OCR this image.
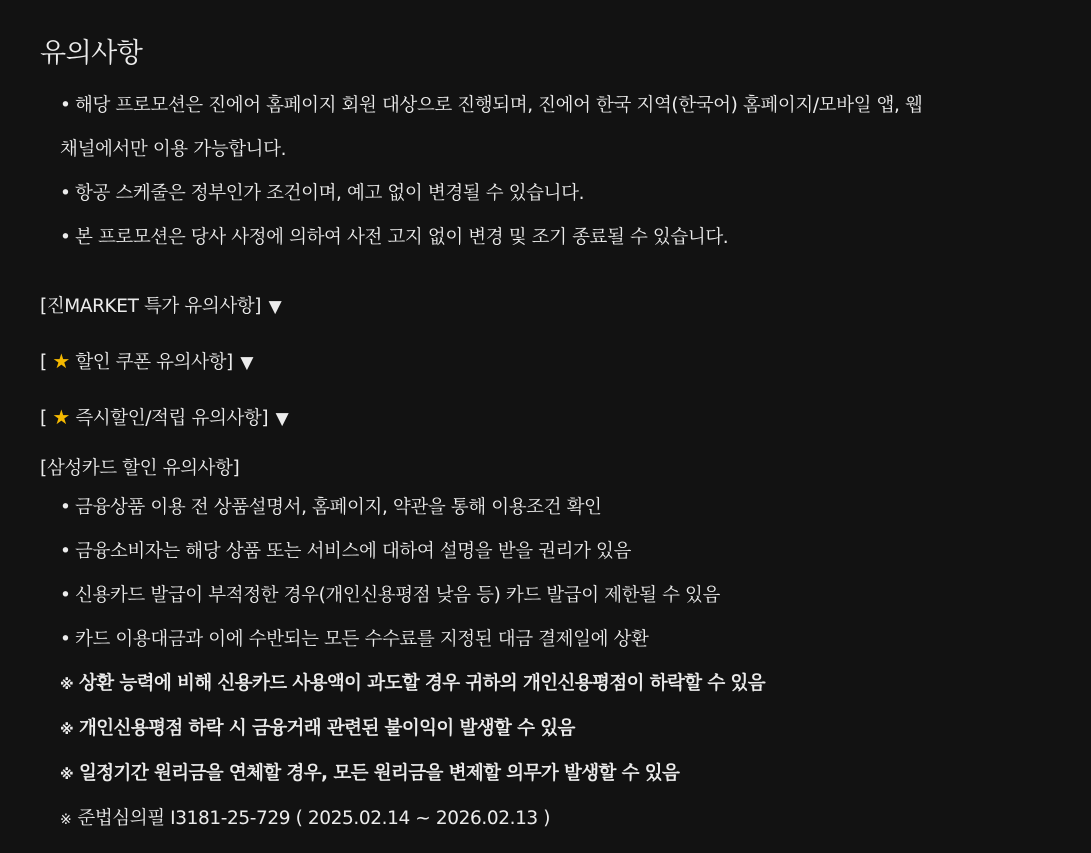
유의사항
• 해당 프로모션은 진에어 홈페이지 회원 대상으로 진행되며, 진에어 한국 지역(한국어) 홈페이지/모바일 앱, 웹
채널에서만 이용 가능합니다.
• 항공 스케줄은 정부인가 조건이며, 예고 없이 변경될 수 있습니다.
• 본 프로모션은 당사 사정에 의하여 사전 고지 없이 변경 및 조기 종료될 수 있습니다.
[진MARKET 특가 유의사항] ▼
[ ★ 할인 쿠폰 유의사항] ▼
[ ★ 즉시할인/적립 유의사항] ▼
[삼성카드 할인 유의사항]
• 금융상품 이용 전 상품설명서, 홈페이지, 약관을 통해 이용조건 확인
• 금융소비자는 해당 상품 또는 서비스에 대하여 설명을 받을 권리가 있음
• 신용카드 발급이 부적정한 경우(개인신용평점 낮음 등) 카드 발급이 제한될 수 있음
• 카드 이용대금과 이에 수반되는 모든 수수료를 지정된 대금 결제일에 상환
※ 상환 능력에 비해 신용카드 사용액이 과도할 경우 귀하의 개인신용평점이 하락할 수 있음
※ 개인신용평점 하락 시 금융거래 관련된 불이익이 발생할 수 있음
※ 일정기간 원리금을 연체할 경우, 모든 원리금을 변제할 의무가 발생할 수 있음
※ 준법심의필 I3181-25-729 ( 2025.02.14 ~ 2026.02.13 )
